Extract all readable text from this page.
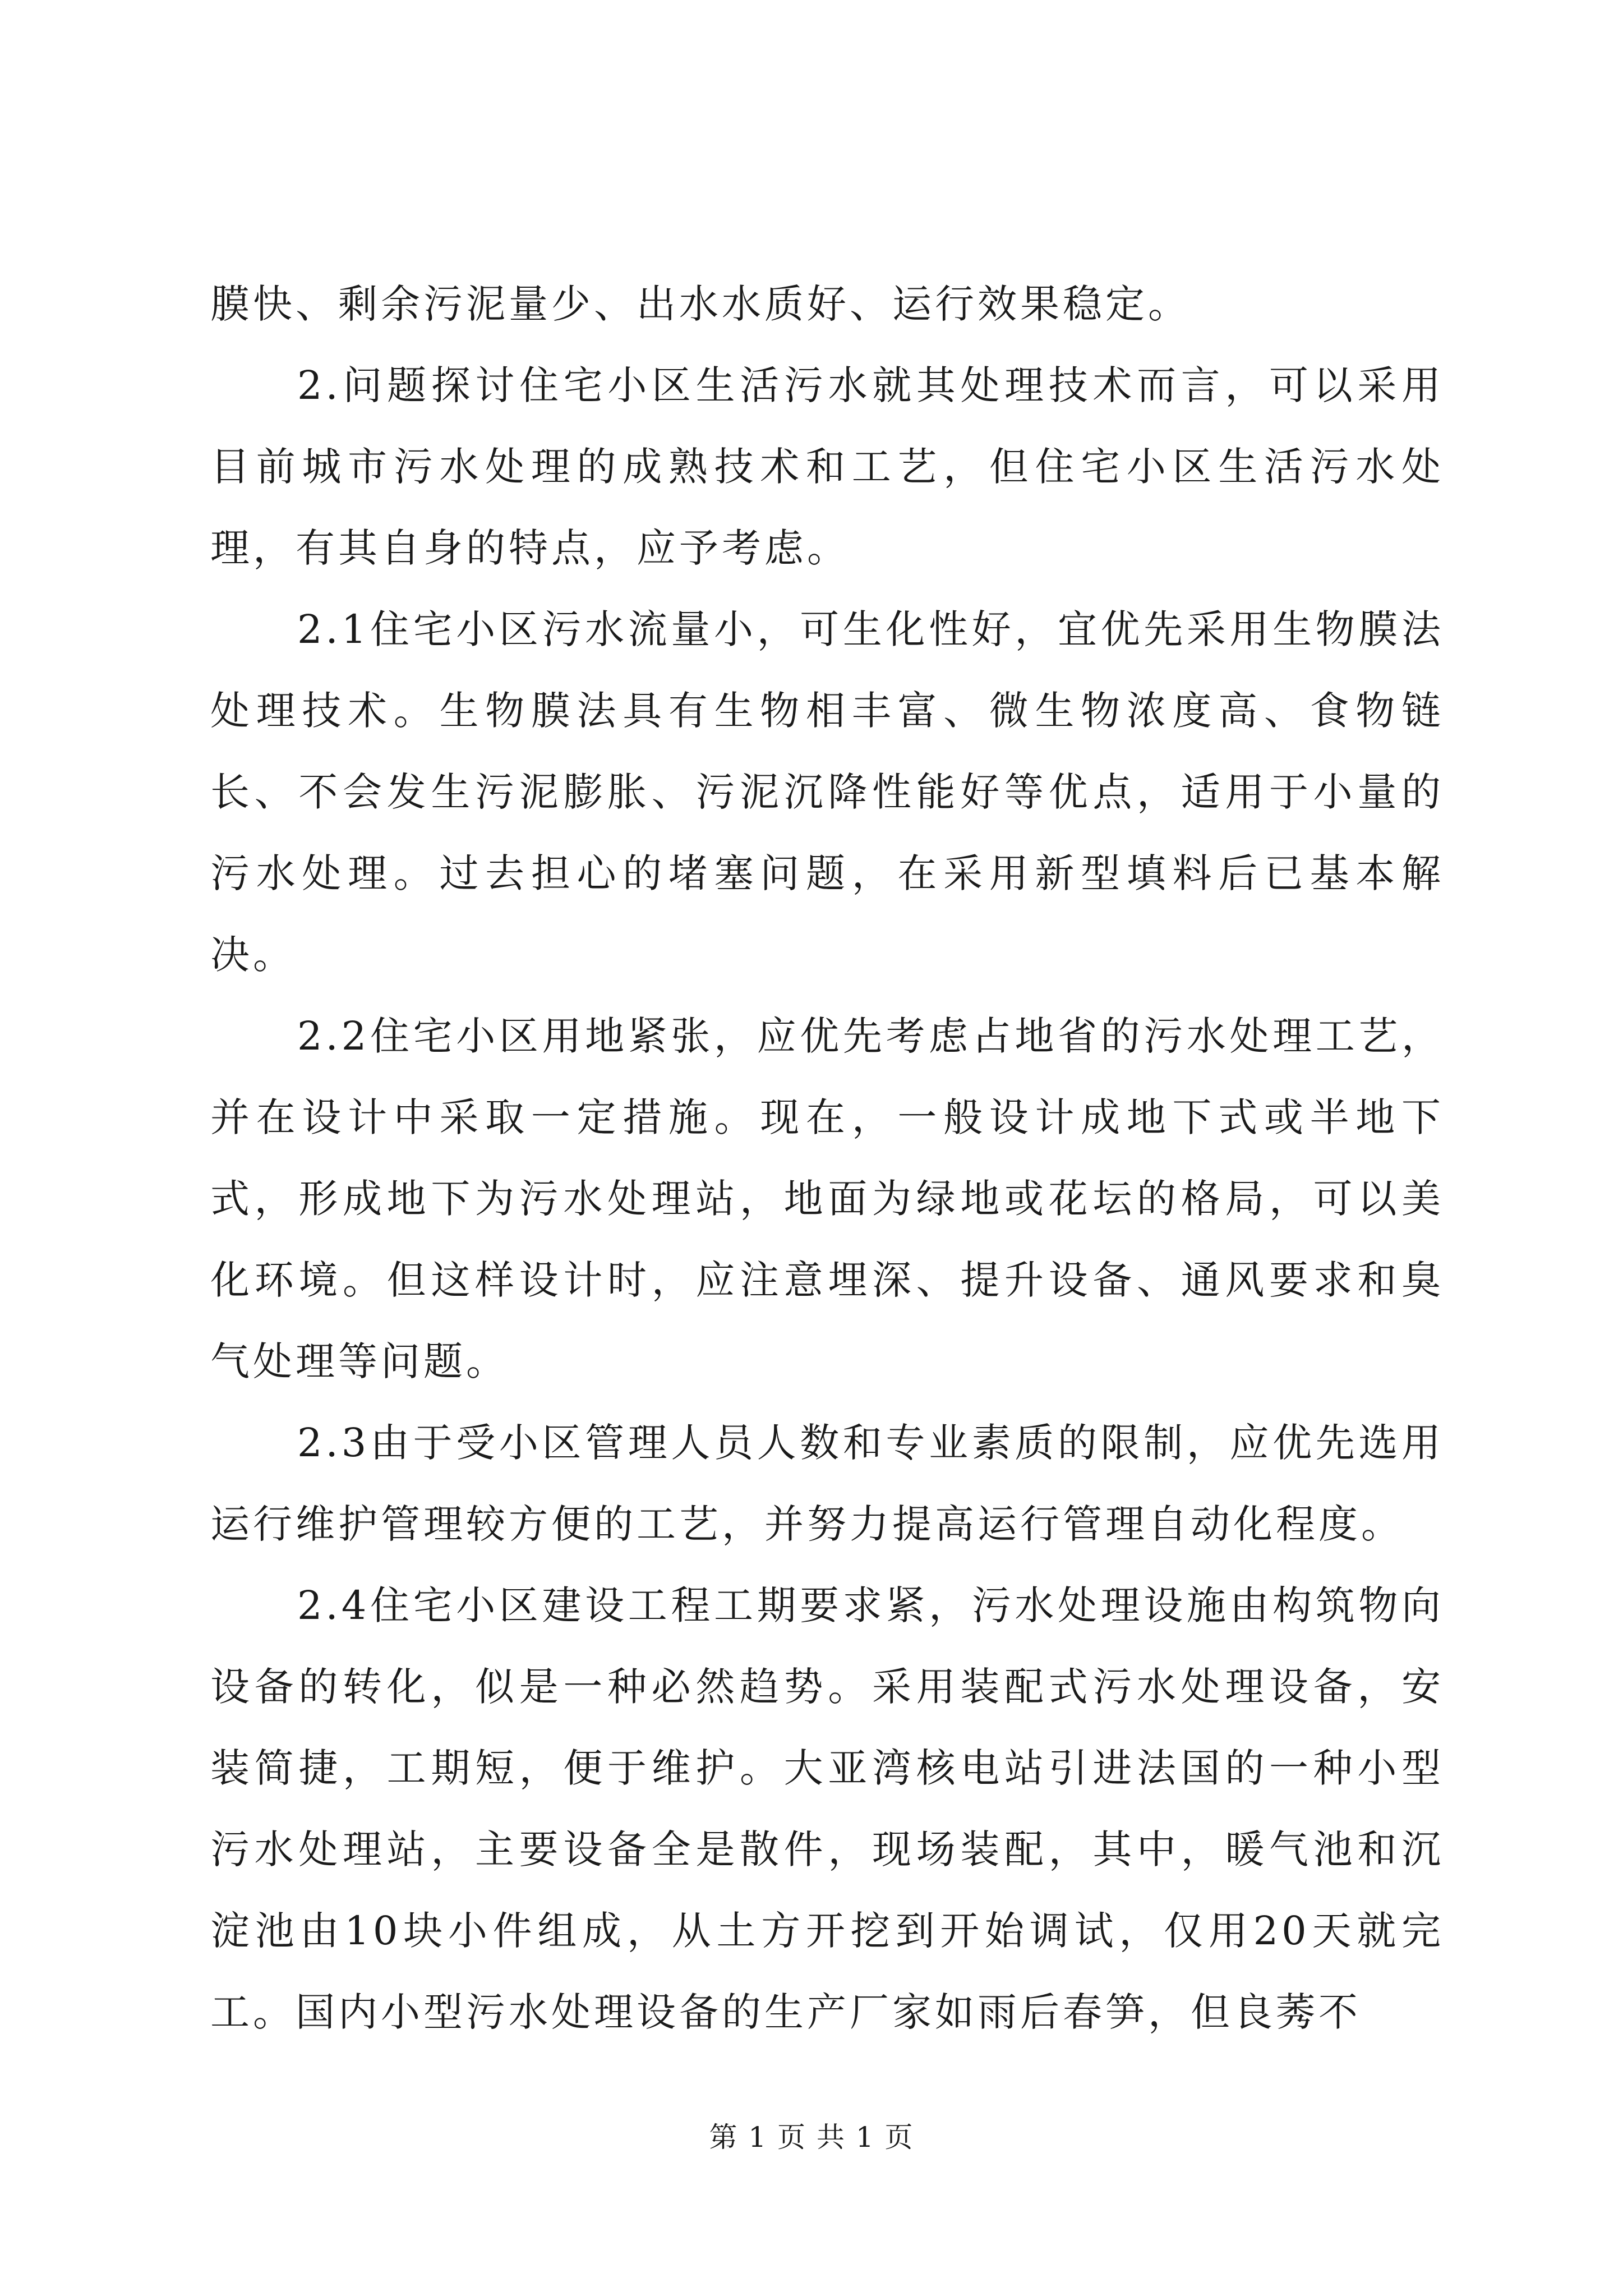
膜快、剩余污泥量少、出水水质好、运行效果稳定。

2.问题探讨住宅小区生活污水就其处理技术而言，可以采用目前城市污水处理的成熟技术和工艺，但住宅小区生活污水处理，有其自身的特点，应予考虑。

2.1住宅小区污水流量小，可生化性好，宜优先采用生物膜法处理技术。生物膜法具有生物相丰富、微生物浓度高、食物链长、不会发生污泥膨胀、污泥沉降性能好等优点，适用于小量的污水处理。过去担心的堵塞问题，在采用新型填料后已基本解决。

2.2住宅小区用地紧张，应优先考虑占地省的污水处理工艺，并在设计中采取一定措施。现在，一般设计成地下式或半地下式，形成地下为污水处理站，地面为绿地或花坛的格局，可以美化环境。但这样设计时，应注意埋深、提升设备、通风要求和臭气处理等问题。

2.3由于受小区管理人员人数和专业素质的限制，应优先选用运行维护管理较方便的工艺，并努力提高运行管理自动化程度。

2.4住宅小区建设工程工期要求紧，污水处理设施由构筑物向设备的转化，似是一种必然趋势。采用装配式污水处理设备，安装简捷，工期短，便于维护。大亚湾核电站引进法国的一种小型污水处理站，主要设备全是散件，现场装配，其中，暖气池和沉淀池由10块小件组成，从土方开挖到开始调试，仅用20天就完工。国内小型污水处理设备的生产厂家如雨后春笋，但良莠不

第 1 页 共 1 页
